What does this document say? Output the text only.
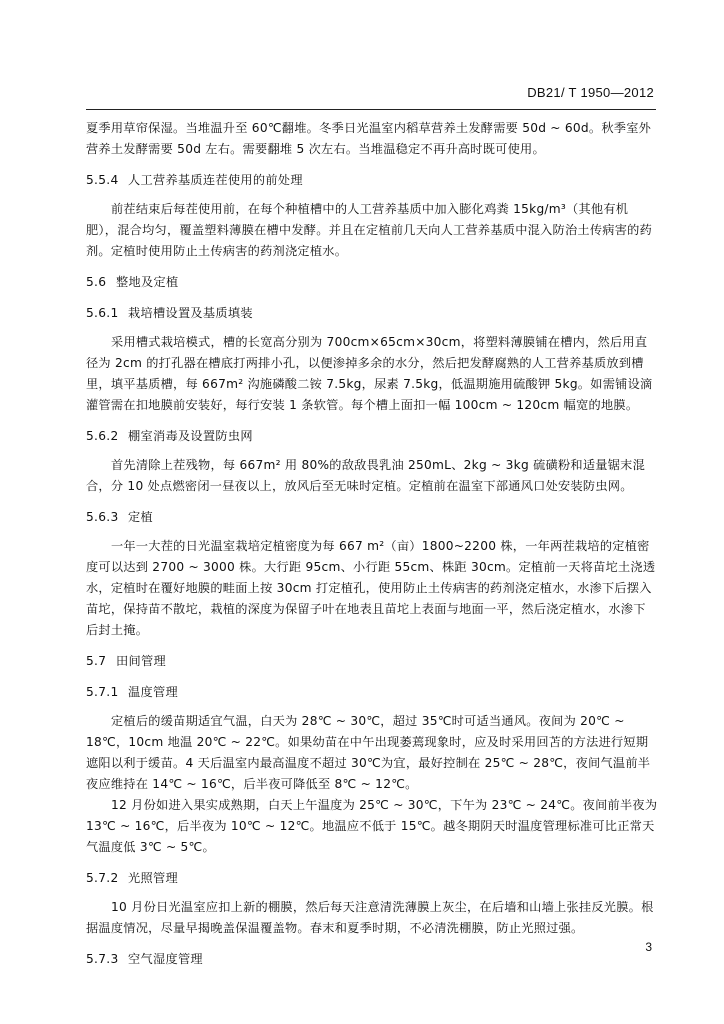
DB21/ T 1950—2012

夏季用草帘保湿。当堆温升至 60℃翻堆。冬季日光温室内稻草营养土发酵需要 50d ~ 60d。秋季室外营养土发酵需要 50d 左右。需要翻堆 5 次左右。当堆温稳定不再升高时既可使用。

5.5.4 人工营养基质连茬使用的前处理

前茬结束后每茬使用前，在每个种植槽中的人工营养基质中加入膨化鸡粪 15kg/m³（其他有机肥），混合均匀，覆盖塑料薄膜在槽中发酵。并且在定植前几天向人工营养基质中混入防治土传病害的药剂。定植时使用防止土传病害的药剂浇定植水。

5.6 整地及定植
5.6.1 栽培槽设置及基质填装

采用槽式栽培模式，槽的长宽高分别为 700cm×65cm×30cm，将塑料薄膜铺在槽内，然后用直径为 2cm 的打孔器在槽底打两排小孔，以便渗掉多余的水分，然后把发酵腐熟的人工营养基质放到槽里，填平基质槽，每 667m² 沟施磷酸二铵 7.5kg，尿素 7.5kg，低温期施用硫酸钾 5kg。如需铺设滴灌管需在扣地膜前安装好，每行安装 1 条软管。每个槽上面扣一幅 100cm ~ 120cm 幅宽的地膜。

5.6.2 棚室消毒及设置防虫网

首先清除上茬残物，每 667m² 用 80%的敌敌畏乳油 250mL、2kg ~ 3kg 硫磺粉和适量锯末混合，分 10 处点燃密闭一昼夜以上，放风后至无味时定植。定植前在温室下部通风口处安装防虫网。

5.6.3 定植

一年一大茬的日光温室栽培定植密度为每 667 m²（亩）1800~2200 株，一年两茬栽培的定植密度可以达到 2700 ~ 3000 株。大行距 95cm、小行距 55cm、株距 30cm。定植前一天将苗坨土浇透水，定植时在覆好地膜的畦面上按 30cm 打定植孔，使用防止土传病害的药剂浇定植水，水渗下后摆入苗坨，保持苗不散坨，栽植的深度为保留子叶在地表且苗坨上表面与地面一平，然后浇定植水，水渗下后封土掩。

5.7 田间管理
5.7.1 温度管理

定植后的缓苗期适宜气温，白天为 28℃ ~ 30℃，超过 35℃时可适当通风。夜间为 20℃ ~ 18℃，10cm 地温 20℃ ~ 22℃。如果幼苗在中午出现萎蔫现象时，应及时采用回苫的方法进行短期遮阳以利于缓苗。4 天后温室内最高温度不超过 30℃为宜，最好控制在 25℃ ~ 28℃，夜间气温前半夜应维持在 14℃ ~ 16℃，后半夜可降低至 8℃ ~ 12℃。

12 月份如进入果实成熟期，白天上午温度为 25℃ ~ 30℃，下午为 23℃ ~ 24℃。夜间前半夜为 13℃ ~ 16℃，后半夜为 10℃ ~ 12℃。地温应不低于 15℃。越冬期阴天时温度管理标准可比正常天气温度低 3℃ ~ 5℃。

5.7.2 光照管理

10 月份日光温室应扣上新的棚膜，然后每天注意清洗薄膜上灰尘，在后墙和山墙上张挂反光膜。根据温度情况，尽量早揭晚盖保温覆盖物。春末和夏季时期，不必清洗棚膜，防止光照过强。

5.7.3 空气湿度管理
3
